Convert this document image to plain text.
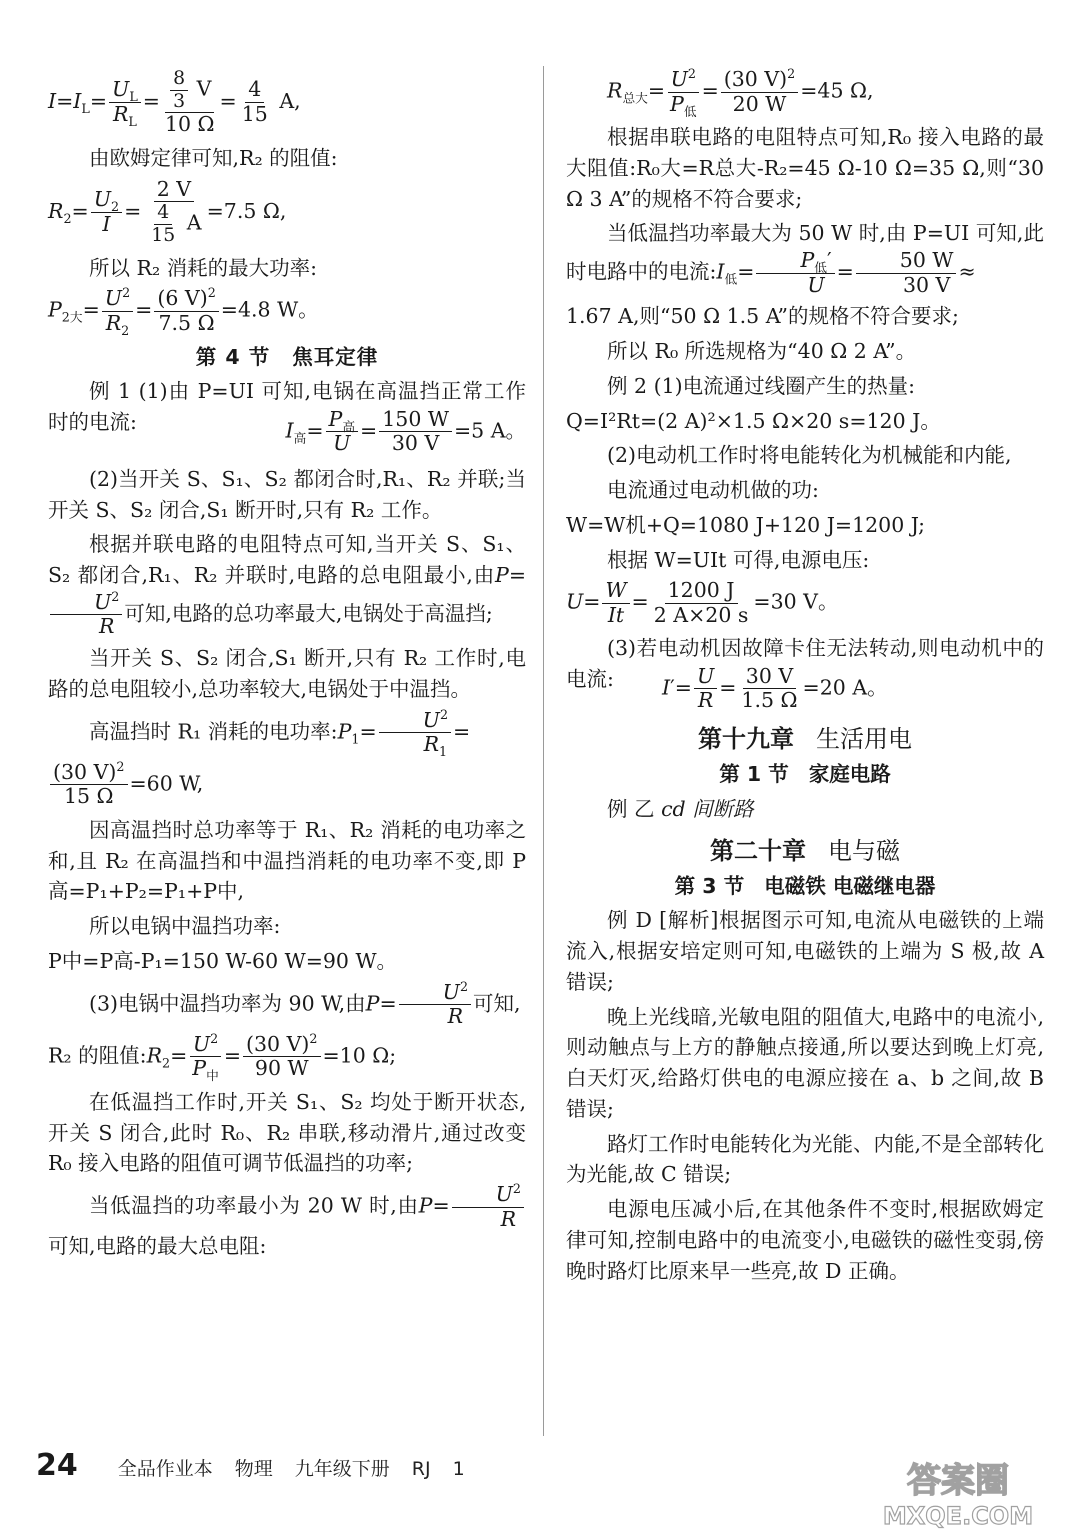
$I=I_L= \frac{U_L}{R_L} = \frac{\frac{8}{3} V}{10 \Omega} = \frac{4}{15} A$,

由欧姆定律可知,R₂ 的阻值:

$R_2= \frac{U_2}{I} = \frac{2 V}{\frac{4}{15} A} =7.5$ Ω,

所以 R₂ 消耗的最大功率:

$P_{2大}= \frac{U^2}{R_2} = \frac{(6 V)^2}{7.5 \Omega} =4.8$ W。
第 4 节 焦耳定律

例 1 (1)由 P=UI 可知,电锅在高温挡正常工作时的电流:	$I_高= \frac{P_高}{U} = \frac{150 W}{30 V} =5$ A。

(2)当开关 S、S₁、S₂ 都闭合时,R₁、R₂ 并联;当开关 S、S₂ 闭合,S₁ 断开时,只有 R₂ 工作。

根据并联电路的电阻特点可知,当开关 S、S₁、S₂ 都闭合,R₁、R₂ 并联时,电路的总电阻最小,由P=
$\frac{U^2}{R}$ 可知,电路的总功率最大,电锅处于高温挡;

当开关 S、S₂ 闭合,S₁ 断开,只有 R₂ 工作时,电路的总电阻较小,总功率较大,电锅处于中温挡。

高温挡时 R₁ 消耗的电功率$:P_1= \frac{U^2}{R_1}$ =

$\frac{(30 V)^2}{15 \Omega} =60$ W,

因高温挡时总功率等于 R₁、R₂ 消耗的电功率之和,且 R₂ 在高温挡和中温挡消耗的电功率不变,即 P高=P₁+P₂=P₁+P中,

所以电锅中温挡功率:

P中=P高-P₁=150 W-60 W=90 W。

(3)电锅中温挡功率为 90 W,由$P= \frac{U^2}{R}$ 可知,

R₂ 的阻值$:R_2= \frac{U^2}{P_中} = \frac{(30 V)^2}{90 W} =10$ Ω;

在低温挡工作时,开关 S₁、S₂ 均处于断开状态,开关 S 闭合,此时 R₀、R₂ 串联,移动滑片,通过改变 R₀ 接入电路的阻值可调节低温挡的功率;

当低温挡的功率最小为 20 W 时,由$P= \frac{U^2}{R}$
可知,电路的最大总电阻:

$R_{总大}= \frac{U^2}{P_低} = \frac{(30 V)^2}{20 W} =45$ Ω,

根据串联电路的电阻特点可知,R₀ 接入电路的最大阻值:R₀大=R总大-R₂=45 Ω-10 Ω=35 Ω,则“30 Ω 3 A”的规格不符合要求;

当低温挡功率最大为 50 W 时,由 P=UI 可知,此时电路中的电流$:I_低= \frac{P_低'}{U} = \frac{50 W}{30 V}$ ≈

1.67 A,则“50 Ω 1.5 A”的规格不符合要求;

所以 R₀ 所选规格为“40 Ω 2 A”。

例 2 (1)电流通过线圈产生的热量:

Q=I²Rt=(2 A)²×1.5 Ω×20 s=120 J。

(2)电动机工作时将电能转化为机械能和内能,

电流通过电动机做的功:

W=W机+Q=1080 J+120 J=1200 J;

根据 W=UIt 可得,电源电压:

$U= \frac{W}{It} = \frac{1200 J}{2 A\times 20 s} =30$ V。

(3)若电动机因故障卡住无法转动,则电动机中的电流:	$I'= \frac{U}{R} = \frac{30 V}{1.5 \Omega} =20$ A。
第十九章 生活用电
第 1 节 家庭电路

例 乙 cd 间断路

第二十章 电与磁
第 3 节 电磁铁 电磁继电器

例 D [解析]根据图示可知,电流从电磁铁的上端流入,根据安培定则可知,电磁铁的上端为 S 极,故 A 错误;

晚上光线暗,光敏电阻的阻值大,电路中的电流小,则动触点与上方的静触点接通,所以要达到晚上灯亮,白天灯灭,给路灯供电的电源应接在 a、b 之间,故 B 错误;

路灯工作时电能转化为光能、内能,不是全部转化为光能,故 C 错误;

电源电压减小后,在其他条件不变时,根据欧姆定律可知,控制电路中的电流变小,电磁铁的磁性变弱,傍晚时路灯比原来早一些亮,故 D 正确。

24 全品作业本 物理 九年级下册 RJ 1	答案圈
MXQE.COM
